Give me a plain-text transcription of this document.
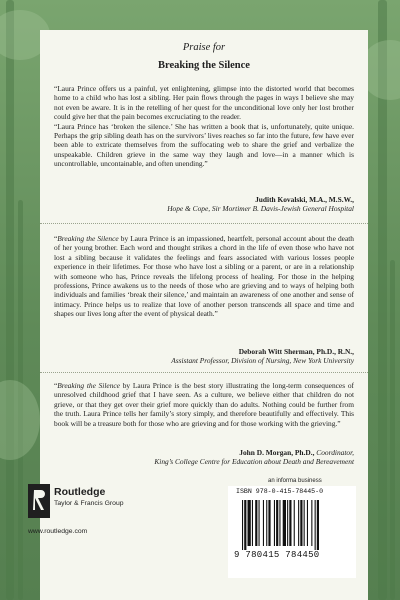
Praise for
Breaking the Silence

“Laura Prince offers us a painful, yet enlightening, glimpse into the distorted world that becomes home to a child who has lost a sibling. Her pain flows through the pages in ways I believe she may not even be aware. It is in the retelling of her quest for the unconditional love only her lost brother could give her that the pain becomes excruciating to the reader.

“Laura Prince has ‘broken the silence.’ She has written a book that is, unfortunately, quite unique. Perhaps the grip sibling death has on the survivors’ lives reaches so far into the future, few have ever been able to extricate themselves from the suffocating web to share the grief and verbalize the unspeakable. Children grieve in the same way they laugh and love—in a manner which is uncontrollable, uncontainable, and often unending.”

Judith Kovalski, M.A., M.S.W.,
Hope & Cope, Sir Mortimer B. Davis-Jewish General Hospital

“Breaking the Silence by Laura Prince is an impassioned, heartfelt, personal account about the death of her young brother. Each word and thought strikes a chord in the life of even those who have not lost a sibling because it validates the feelings and fears associated with various losses people experience in their lifetimes. For those who have lost a sibling or a parent, or are in a relationship with someone who has, Prince reveals the lifelong process of healing. For those in the helping professions, Prince awakens us to the needs of those who are grieving and to ways of helping both individuals and families ‘break their silence,’ and maintain an awareness of one another and sense of intimacy. Prince helps us to realize that love of another person transcends all space and time and shapes our lives long after the event of physical death.”

Deborah Witt Sherman, Ph.D., R.N.,
Assistant Professor, Division of Nursing, New York University

“Breaking the Silence by Laura Prince is the best story illustrating the long-term consequences of unresolved childhood grief that I have seen. As a culture, we believe either that children do not grieve, or that they get over their grief more quickly than do adults. Nothing could be further from the truth. Laura Prince tells her family’s story simply, and therefore beautifully and effectively. This book will be a treasure both for those who are grieving and for those working with the grieving.”

John D. Morgan, Ph.D., Coordinator,
King’s College Centre for Education about Death and Bereavement
an informa business
Routledge
Taylor & Francis Group
www.routledge.com
ISBN 978-0-415-78445-0
9 780415 784450
